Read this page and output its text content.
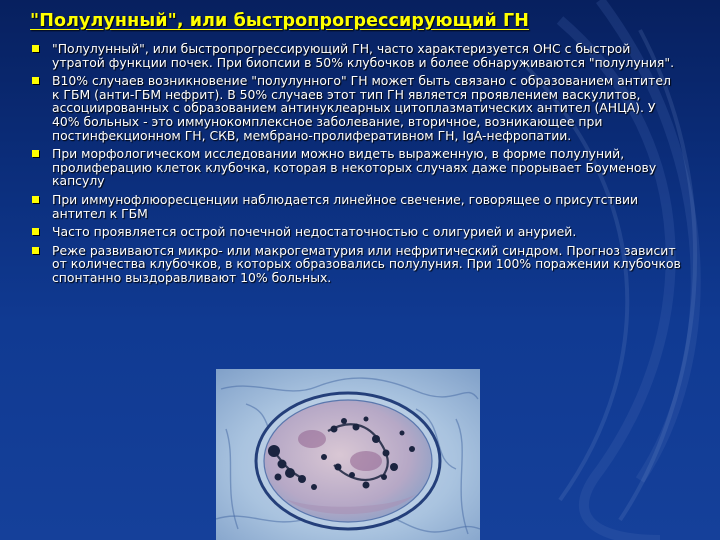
"Полулунный", или быстропрогрессирующий ГН
"Полулунный", или быстропрогрессирующий ГН, часто характеризуется ОНС с быстрой утратой функции почек. При биопсии в 50% клубочков и более обнаруживаются "полулуния".
В10% случаев возникновение "полулунного" ГН может быть связано с образованием антител к ГБМ (анти-ГБМ нефрит). В 50% случаев этот тип ГН является проявлением васкулитов, ассоциированных с образованием антинуклеарных цитоплазматических антител (АНЦА). У 40% больных - это иммунокомплексное заболевание, вторичное, возникающее при постинфекционном ГН, СКВ, мембрано-пролиферативном ГН, IgA-нефропатии.
При морфологическом исследовании можно видеть выраженную, в форме полулуний, пролиферацию клеток клубочка, которая в некоторых случаях даже прорывает Боуменову капсулу
При иммунофлюоресценции наблюдается линейное свечение, говорящее о присутствии антител к ГБМ
Часто проявляется острой почечной недостаточностью с олигурией и анурией.
Реже развиваются микро- или макрогематурия или нефритический синдром. Прогноз зависит от количества клубочков, в которых образовались полулуния. При 100% поражении клубочков спонтанно выздоравливают 10% больных.
